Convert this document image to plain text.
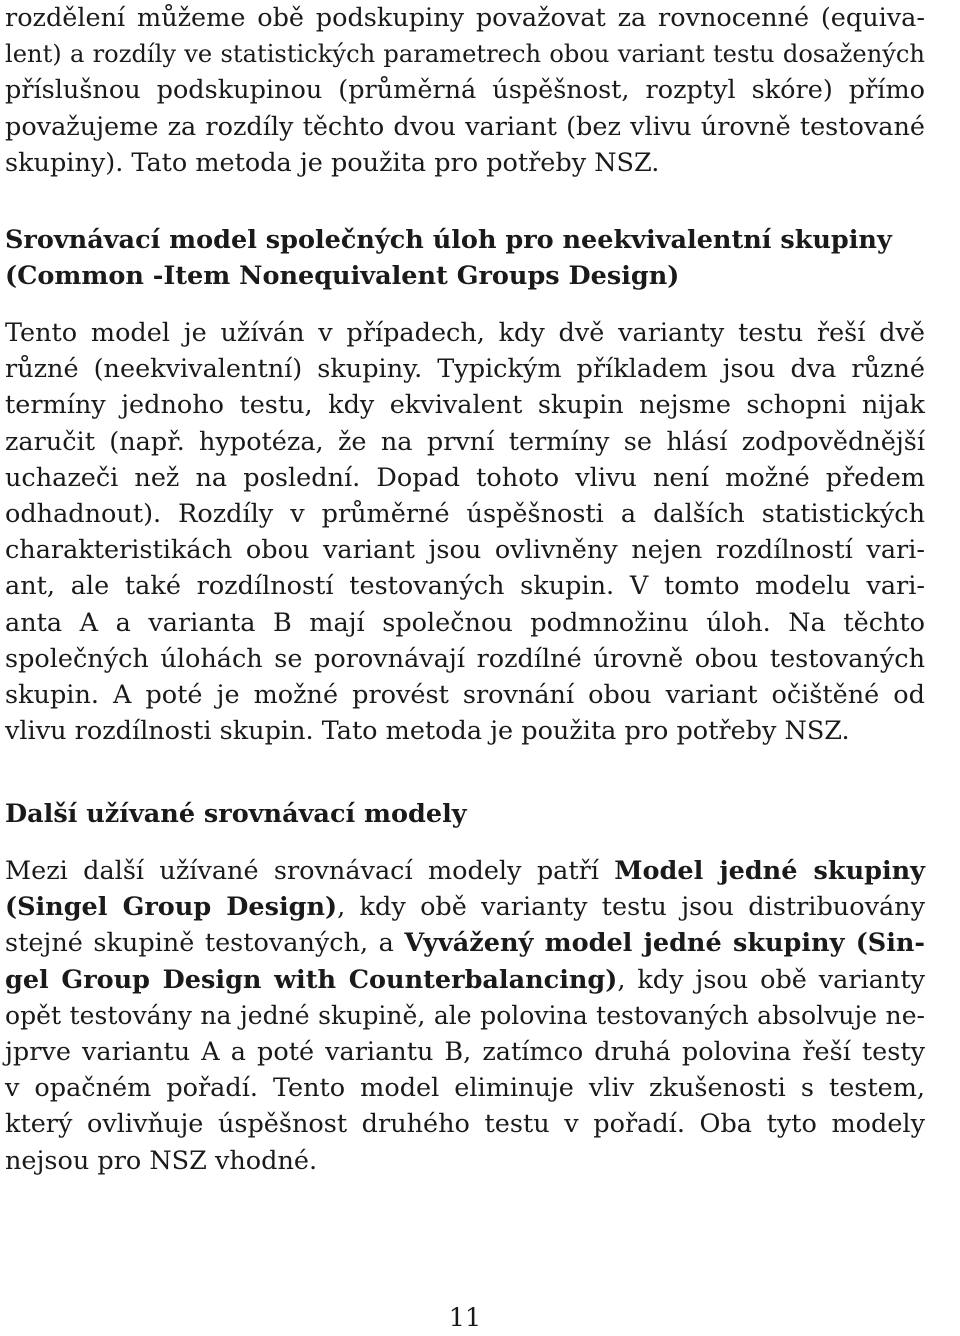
rozdělení můžeme obě podskupiny považovat za rovnocenné (equiva-
lent) a rozdíly ve statistických parametrech obou variant testu dosažených
příslušnou podskupinou (průměrná úspěšnost, rozptyl skóre) přímo
považujeme za rozdíly těchto dvou variant (bez vlivu úrovně testované
skupiny). Tato metoda je použita pro potřeby NSZ.

Srovnávací model společných úloh pro neekvivalentní skupiny
(Common -Item Nonequivalent Groups Design)

Tento model je užíván v případech, kdy dvě varianty testu řeší dvě
různé (neekvivalentní) skupiny. Typickým příkladem jsou dva různé
termíny jednoho testu, kdy ekvivalent skupin nejsme schopni nijak
zaručit (např. hypotéza, že na první termíny se hlásí zodpovědnější
uchazeči než na poslední. Dopad tohoto vlivu není možné předem
odhadnout). Rozdíly v průměrné úspěšnosti a dalších statistických
charakteristikách obou variant jsou ovlivněny nejen rozdílností vari-
ant, ale také rozdílností testovaných skupin. V tomto modelu vari-
anta A a varianta B mají společnou podmnožinu úloh. Na těchto
společných úlohách se porovnávají rozdílné úrovně obou testovaných
skupin. A poté je možné provést srovnání obou variant očištěné od
vlivu rozdílnosti skupin. Tato metoda je použita pro potřeby NSZ.

Další užívané srovnávací modely

Mezi další užívané srovnávací modely patří Model jedné skupiny
(Singel Group Design), kdy obě varianty testu jsou distribuovány
stejné skupině testovaných, a Vyvážený model jedné skupiny (Sin-
gel Group Design with Counterbalancing), kdy jsou obě varianty
opět testovány na jedné skupině, ale polovina testovaných absolvuje ne-
jprve variantu A a poté variantu B, zatímco druhá polovina řeší testy
v opačném pořadí. Tento model eliminuje vliv zkušenosti s testem,
který ovlivňuje úspěšnost druhého testu v pořadí. Oba tyto modely
nejsou pro NSZ vhodné.

11
